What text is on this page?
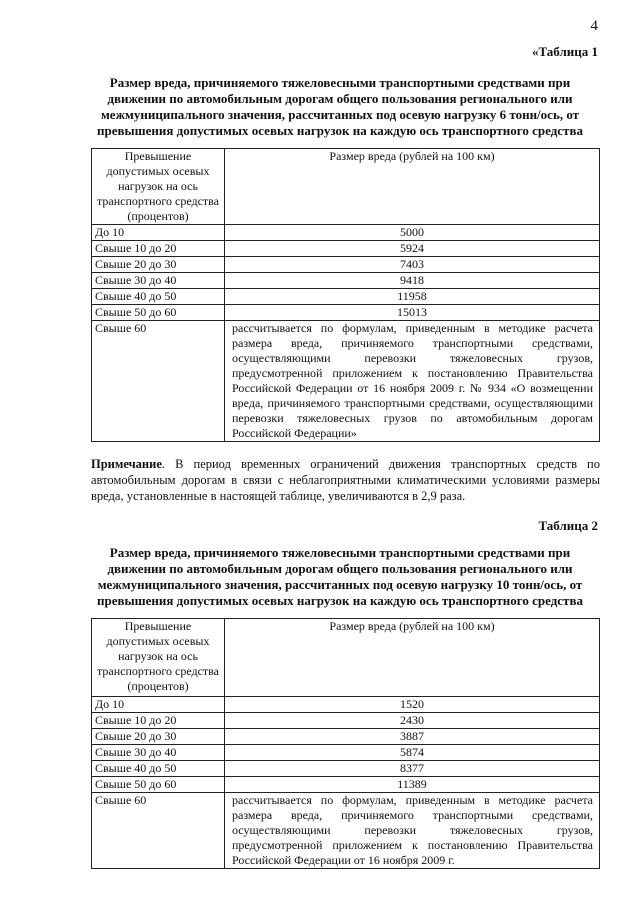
4
«Таблица 1
Размер вреда, причиняемого тяжеловесными транспортными средствами при движении по автомобильным дорогам общего пользования регионального или межмуниципального значения, рассчитанных под осевую нагрузку 6 тонн/ось, от превышения допустимых осевых нагрузок на каждую ось транспортного средства
Превышение допустимых осевых нагрузок на ось транспортного средства (процентов)	Размер вреда (рублей на 100 км)
До 10	5000
Свыше 10 до 20	5924
Свыше 20 до 30	7403
Свыше 30 до 40	9418
Свыше 40 до 50	11958
Свыше 50 до 60	15013
Свыше 60	рассчитывается по формулам, приведенным в методике расчета размера вреда, причиняемого транспортными средствами, осуществляющими перевозки тяжеловесных грузов, предусмотренной приложением к постановлению Правительства Российской Федерации от 16 ноября 2009 г. № 934 «О возмещении вреда, причиняемого транспортными средствами, осуществляющими перевозки тяжеловесных грузов по автомобильным дорогам Российской Федерации»
Примечание. В период временных ограничений движения транспортных средств по автомобильным дорогам в связи с неблагоприятными климатическими условиями размеры вреда, установленные в настоящей таблице, увеличиваются в 2,9 раза.
Таблица 2
Размер вреда, причиняемого тяжеловесными транспортными средствами при движении по автомобильным дорогам общего пользования регионального или межмуниципального значения, рассчитанных под осевую нагрузку 10 тонн/ось, от превышения допустимых осевых нагрузок на каждую ось транспортного средства
Превышение допустимых осевых нагрузок на ось транспортного средства (процентов)	Размер вреда (рублей на 100 км)
До 10	1520
Свыше 10 до 20	2430
Свыше 20 до 30	3887
Свыше 30 до 40	5874
Свыше 40 до 50	8377
Свыше 50 до 60	11389
Свыше 60	рассчитывается по формулам, приведенным в методике расчета размера вреда, причиняемого транспортными средствами, осуществляющими перевозки тяжеловесных грузов, предусмотренной приложением к постановлению Правительства Российской Федерации от 16 ноября 2009 г.
